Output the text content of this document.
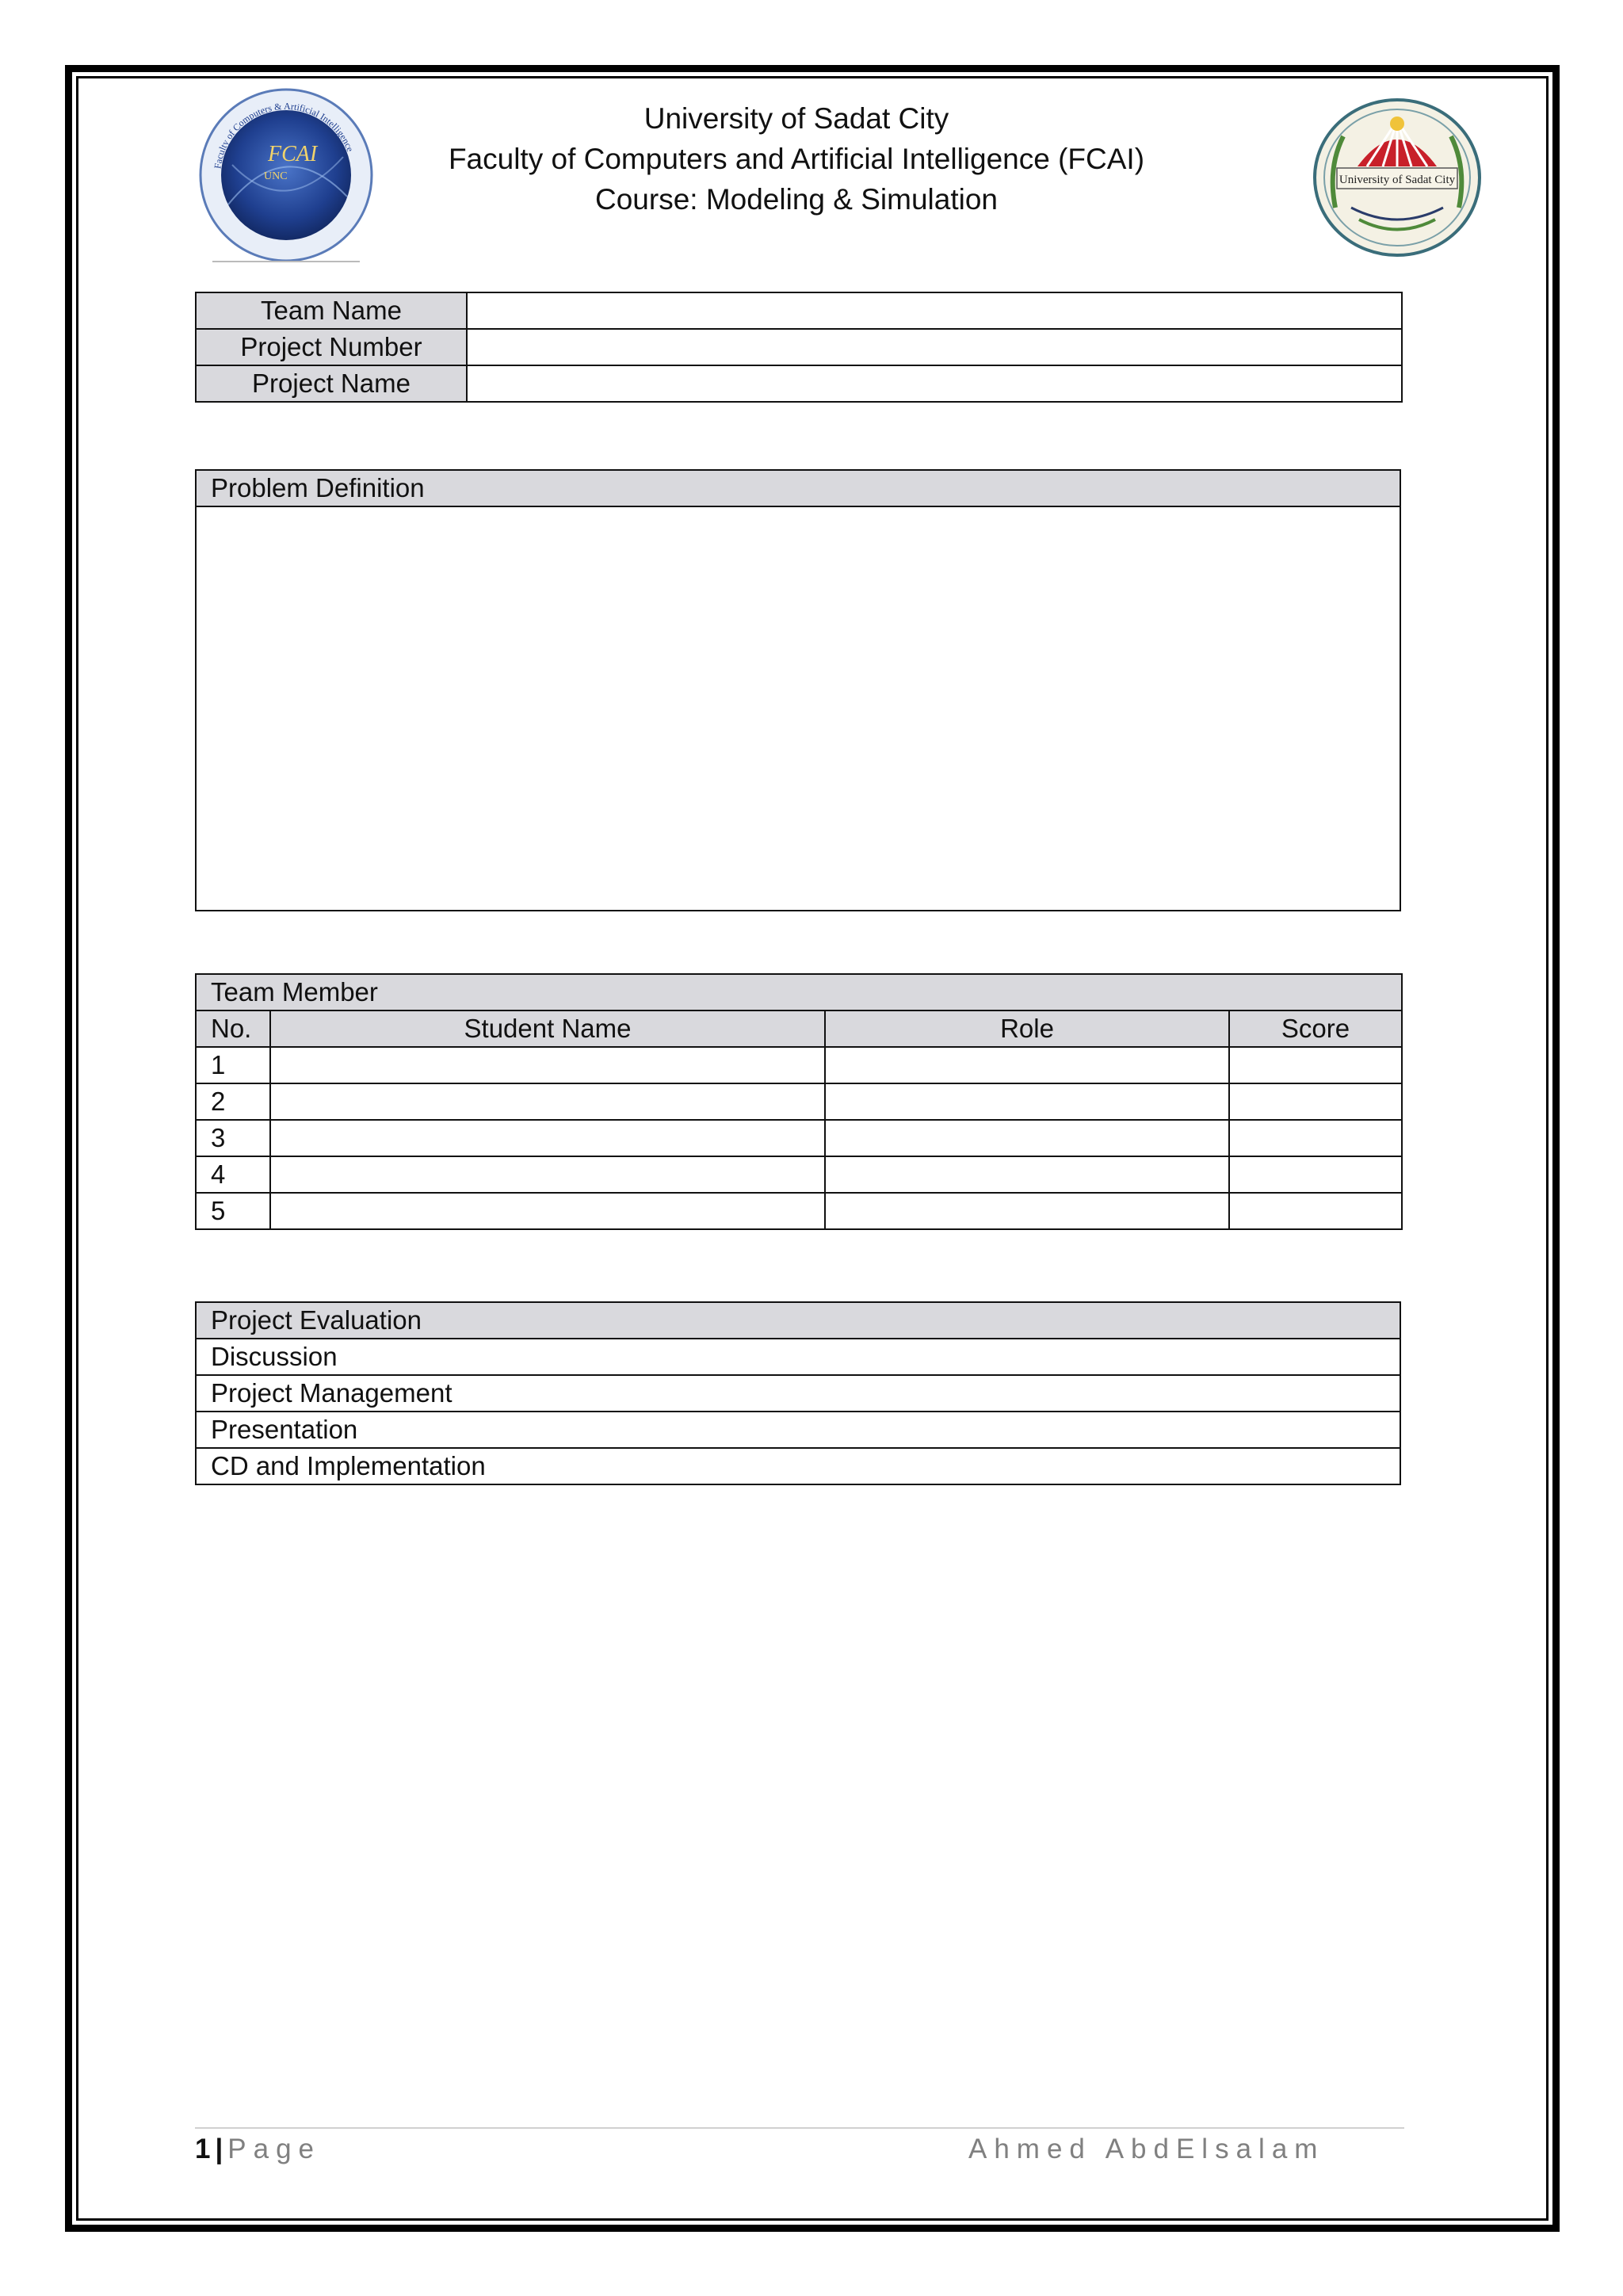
FCAI
UNC
Faculty of Computers & Artificial Intelligence
University of Sadat City
Faculty of Computers and Artificial Intelligence (FCAI)
Course: Modeling & Simulation
University of Sadat City
Team Name	
Project Number	
Project Name	
Problem Definition

Team Member			
No.	Student Name	Role	Score
1			
2			
3			
4			
5			
Project Evaluation
Discussion
Project Management
Presentation
CD and Implementation
1 | Page	Ahmed AbdElsalam
